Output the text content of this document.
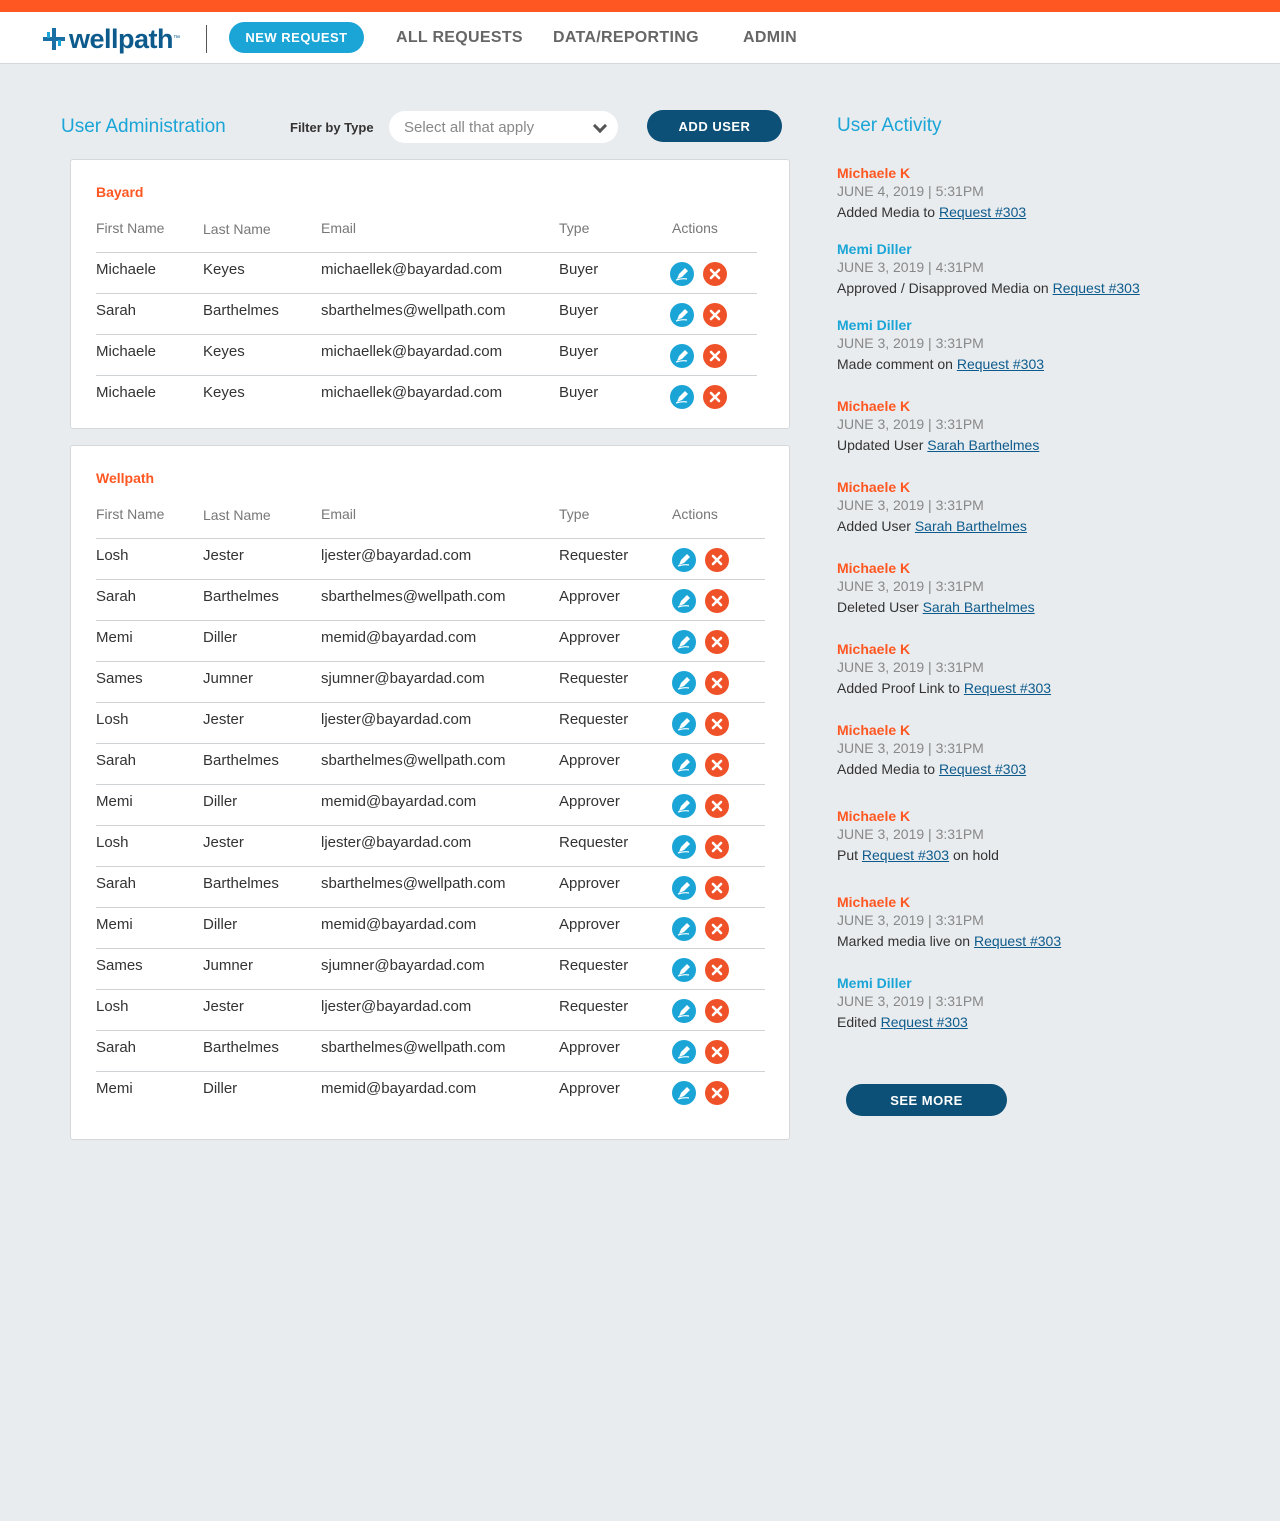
wellpath™	NEW REQUEST	ALL REQUESTS DATA/REPORTING	ADMIN
User Administration	Filter by Type Select all that apply	ADD USER
Bayard
First Name	Last Name	Email	Type	Actions
Michaele	Keyes	michaellek@bayardad.com	Buyer
Sarah	Barthelmes	sbarthelmes@wellpath.com	Buyer
Michaele	Keyes	michaellek@bayardad.com	Buyer
Michaele	Keyes	michaellek@bayardad.com	Buyer
Wellpath
First Name	Last Name	Email	Type	Actions
Losh	Jester	ljester@bayardad.com	Requester
Sarah	Barthelmes	sbarthelmes@wellpath.com	Approver
Memi	Diller	memid@bayardad.com	Approver
Sames	Jumner	sjumner@bayardad.com	Requester
Losh	Jester	ljester@bayardad.com	Requester
Sarah	Barthelmes	sbarthelmes@wellpath.com	Approver
Memi	Diller	memid@bayardad.com	Approver
Losh	Jester	ljester@bayardad.com	Requester
Sarah	Barthelmes	sbarthelmes@wellpath.com	Approver
Memi	Diller	memid@bayardad.com	Approver
Sames	Jumner	sjumner@bayardad.com	Requester
Losh	Jester	ljester@bayardad.com	Requester
Sarah	Barthelmes	sbarthelmes@wellpath.com	Approver
Memi	Diller	memid@bayardad.com	Approver
User Activity
Michaele K
JUNE 4, 2019 | 5:31PM
Added Media to Request #303
Memi Diller
JUNE 3, 2019 | 4:31PM
Approved / Disapproved Media on Request #303
Memi Diller
JUNE 3, 2019 | 3:31PM
Made comment on Request #303
Michaele K
JUNE 3, 2019 | 3:31PM
Updated User Sarah Barthelmes
Michaele K
JUNE 3, 2019 | 3:31PM
Added User Sarah Barthelmes
Michaele K
JUNE 3, 2019 | 3:31PM
Deleted User Sarah Barthelmes
Michaele K
JUNE 3, 2019 | 3:31PM
Added Proof Link to Request #303
Michaele K
JUNE 3, 2019 | 3:31PM
Added Media to Request #303
Michaele K
JUNE 3, 2019 | 3:31PM
Put Request #303 on hold
Michaele K
JUNE 3, 2019 | 3:31PM
Marked media live on Request #303
Memi Diller
JUNE 3, 2019 | 3:31PM
Edited Request #303
SEE MORE
